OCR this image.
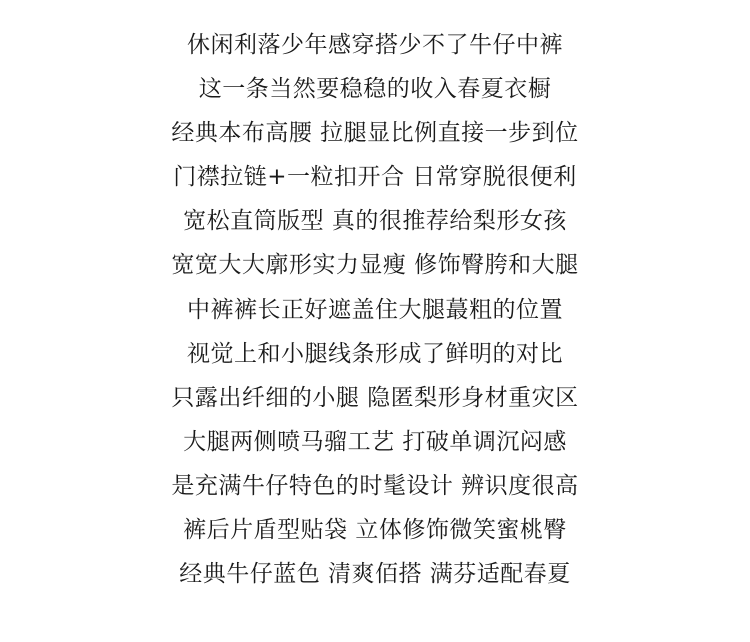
休闲利落少年感穿搭少不了牛仔中裤
这一条当然要稳稳的收入春夏衣橱
经典本布高腰 拉腿显比例直接一步到位
门襟拉链+一粒扣开合 日常穿脱很便利
宽松直筒版型 真的很推荐给梨形女孩
宽宽大大廓形实力显瘦 修饰臀胯和大腿
中裤裤长正好遮盖住大腿蕞粗的位置
视觉上和小腿线条形成了鲜明的对比
只露出纤细的小腿 隐匿梨形身材重灾区
大腿两侧喷马骝工艺 打破单调沉闷感
是充满牛仔特色的时髦设计 辨识度很高
裤后片盾型贴袋 立体修饰微笑蜜桃臀
经典牛仔蓝色 清爽佰搭 满芬适配春夏
